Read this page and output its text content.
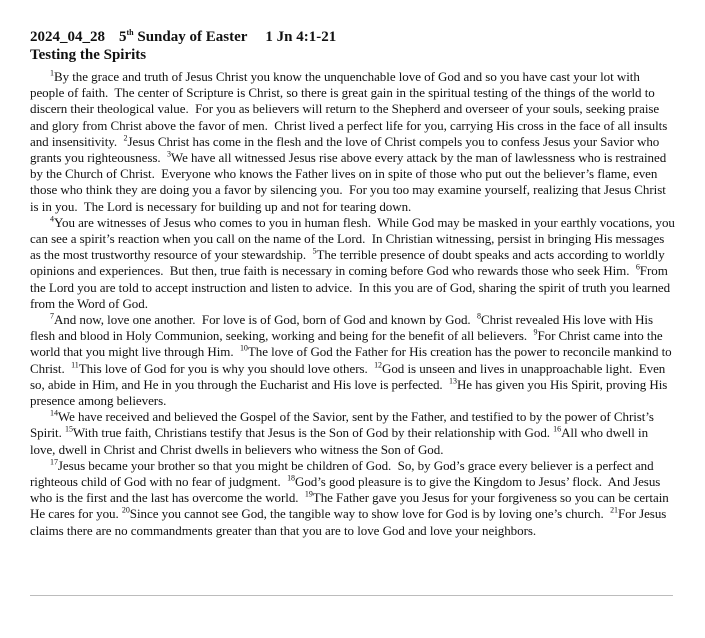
2024_04_28 5th Sunday of Easter 1 Jn 4:1-21
Testing the Spirits

$^1$By the grace and truth of Jesus Christ you know the unquenchable love of God and so you have cast your lot with people of faith.  The center of Scripture is Christ, so there is great gain in the spiritual testing of the things of the world to discern their theological value.  For you as believers will return to the Shepherd and overseer of your souls, seeking praise and glory from Christ above the favor of men.  Christ lived a perfect life for you, carrying His cross in the face of all insults and insensitivity.  $^2$Jesus Christ has come in the flesh and the love of Christ compels you to confess Jesus your Savior who grants you righteousness.  $^3$We have all witnessed Jesus rise above every attack by the man of lawlessness who is restrained by the Church of Christ.  Everyone who knows the Father lives on in spite of those who put out the believer’s flame, even those who think they are doing you a favor by silencing you.  For you too may examine yourself, realizing that Jesus Christ is in you.  The Lord is necessary for building up and not for tearing down.

$^4$You are witnesses of Jesus who comes to you in human flesh.  While God may be masked in your earthly vocations, you can see a spirit’s reaction when you call on the name of the Lord.  In Christian witnessing, persist in bringing His messages as the most trustworthy resource of your stewardship.  $^5$The terrible presence of doubt speaks and acts according to worldly opinions and experiences.  But then, true faith is necessary in coming before God who rewards those who seek Him.  $^6$From the Lord you are told to accept instruction and listen to advice.  In this you are of God, sharing the spirit of truth you learned from the Word of God.

$^7$And now, love one another.  For love is of God, born of God and known by God.  $^8$Christ revealed His love with His flesh and blood in Holy Communion, seeking, working and being for the benefit of all believers.  $^9$For Christ came into the world that you might live through Him.  $^{10}$The love of God the Father for His creation has the power to reconcile mankind to Christ.  $^{11}$This love of God for you is why you should love others.  $^{12}$God is unseen and lives in unapproachable light.  Even so, abide in Him, and He in you through the Eucharist and His love is perfected.  $^{13}$He has given you His Spirit, proving His presence among believers.

$^{14}$We have received and believed the Gospel of the Savior, sent by the Father, and testified to by the power of Christ’s Spirit. $^{15}$With true faith, Christians testify that Jesus is the Son of God by their relationship with God. $^{16}$All who dwell in love, dwell in Christ and Christ dwells in believers who witness the Son of God.

$^{17}$Jesus became your brother so that you might be children of God.  So, by God’s grace every believer is a perfect and righteous child of God with no fear of judgment.  $^{18}$God’s good pleasure is to give the Kingdom to Jesus’ flock.  And Jesus who is the first and the last has overcome the world.  $^{19}$The Father gave you Jesus for your forgiveness so you can be certain He cares for you. $^{20}$Since you cannot see God, the tangible way to show love for God is by loving one’s church.  $^{21}$For Jesus claims there are no commandments greater than that you are to love God and love your neighbors.
